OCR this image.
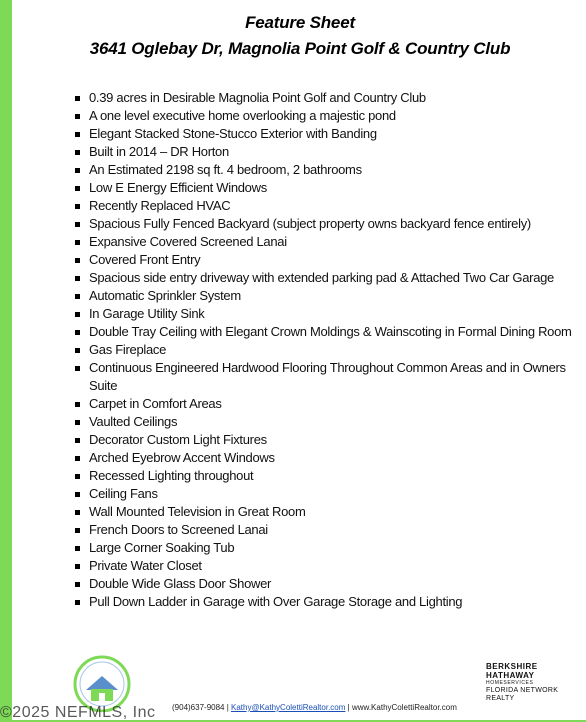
Feature Sheet
3641 Oglebay Dr, Magnolia Point Golf & Country Club
0.39 acres in Desirable Magnolia Point Golf and Country Club
A one level executive home overlooking a majestic pond
Elegant Stacked Stone-Stucco Exterior with Banding
Built in 2014 – DR Horton
An Estimated 2198 sq ft. 4 bedroom, 2 bathrooms
Low E Energy Efficient Windows
Recently Replaced HVAC
Spacious Fully Fenced Backyard (subject property owns backyard fence entirely)
Expansive Covered Screened Lanai
Covered Front Entry
Spacious side entry driveway with extended parking pad & Attached Two Car Garage
Automatic Sprinkler System
In Garage Utility Sink
Double Tray Ceiling with Elegant Crown Moldings & Wainscoting in Formal Dining Room
Gas Fireplace
Continuous Engineered Hardwood Flooring Throughout Common Areas and in Owners Suite
Carpet in Comfort Areas
Vaulted Ceilings
Decorator Custom Light Fixtures
Arched Eyebrow Accent Windows
Recessed Lighting throughout
Ceiling Fans
Wall Mounted Television in Great Room
French Doors to Screened Lanai
Large Corner Soaking Tub
Private Water Closet
Double Wide Glass Door Shower
Pull Down Ladder in Garage with Over Garage Storage and Lighting
(904)637-9084 | Kathy@KathyColettiRealtor.com | www.KathyColettiRealtor.com
BERKSHIRE
HATHAWAY
HOMESERVICES
FLORIDA NETWORK
REALTY
©2025 NEFMLS, Inc
